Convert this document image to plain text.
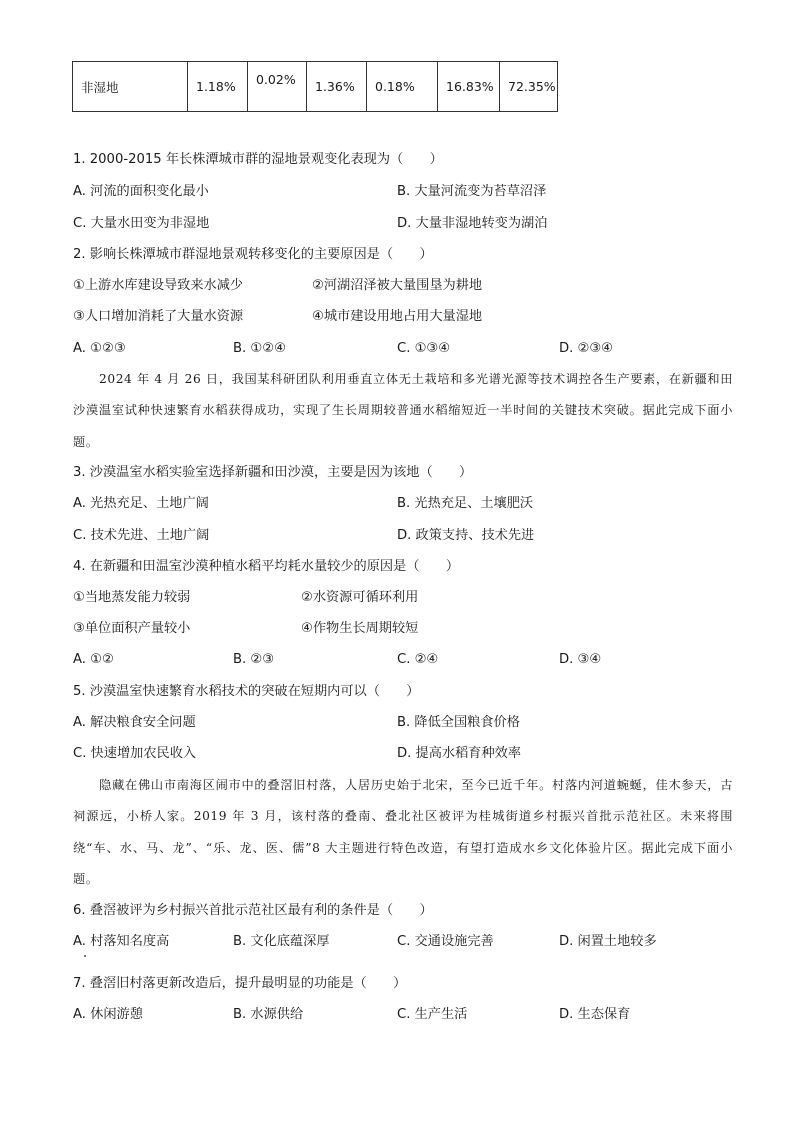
非湿地	1.18%	0.02%	1.36%	0.18%	16.83%	72.35%
1. 2000-2015 年长株潭城市群的湿地景观变化表现为（　　）
A. 河流的面积变化最小	B. 大量河流变为苔草沼泽
C. 大量水田变为非湿地	D. 大量非湿地转变为湖泊
2. 影响长株潭城市群湿地景观转移变化的主要原因是（　　）
①上游水库建设导致来水减少	②河湖沼泽被大量围垦为耕地
③人口增加消耗了大量水资源	④城市建设用地占用大量湿地
A. ①②③	B. ①②④	C. ①③④	D. ②③④
2024 年 4 月 26 日，我国某科研团队利用垂直立体无土栽培和多光谱光源等技术调控各生产要素，在新疆和田沙漠温室试种快速繁育水稻获得成功，实现了生长周期较普通水稻缩短近一半时间的关键技术突破。据此完成下面小题。
3. 沙漠温室水稻实验室选择新疆和田沙漠，主要是因为该地（　　）
A. 光热充足、土地广阔	B. 光热充足、土壤肥沃
C. 技术先进、土地广阔	D. 政策支持、技术先进
4. 在新疆和田温室沙漠种植水稻平均耗水量较少的原因是（　　）
①当地蒸发能力较弱	②水资源可循环利用
③单位面积产量较小	④作物生长周期较短
A. ①②	B. ②③	C. ②④	D. ③④
5. 沙漠温室快速繁育水稻技术的突破在短期内可以（　　）
A. 解决粮食安全问题	B. 降低全国粮食价格
C. 快速增加农民收入	D. 提高水稻育种效率
隐藏在佛山市南海区闹市中的叠滘旧村落，人居历史始于北宋，至今已近千年。村落内河道蜿蜒，佳木参天，古祠源远，小桥人家。2019 年 3 月，该村落的叠南、叠北社区被评为桂城街道乡村振兴首批示范社区。未来将围绕“车、水、马、龙”、“乐、龙、医、儒”8 大主题进行特色改造，有望打造成水乡文化体验片区。据此完成下面小题。
6. 叠滘被评为乡村振兴首批示范社区最有利的条件是（　　）
A. 村落知名度高	B. 文化底蕴深厚	C. 交通设施完善	D. 闲置土地较多
7. 叠滘旧村落更新改造后，提升最明显的功能是（　　）
A. 休闲游憩	B. 水源供给	C. 生产生活	D. 生态保育
